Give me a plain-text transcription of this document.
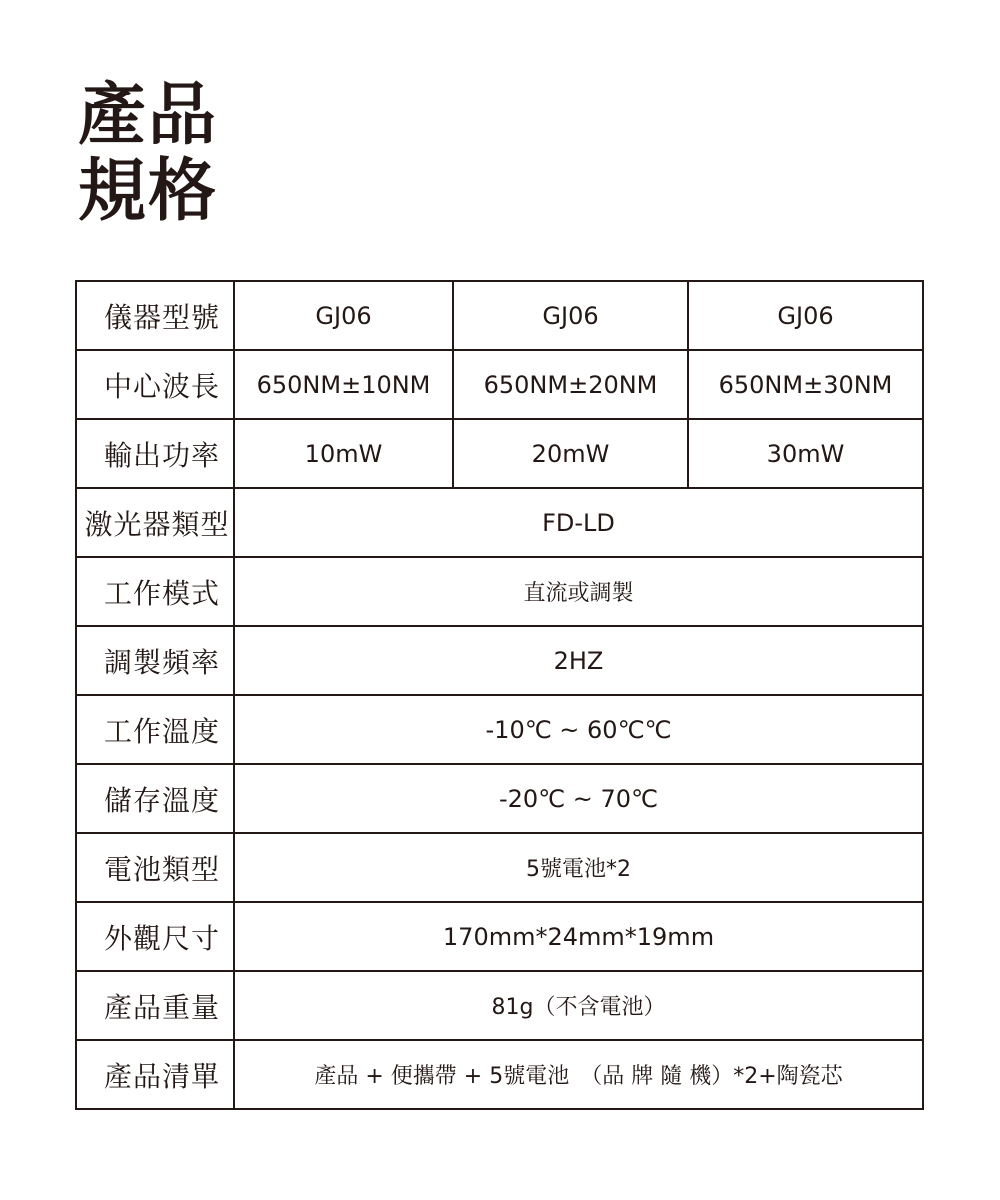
產品
規格
儀器型號	GJ06	GJ06	GJ06
中心波長	650NM±10NM	650NM±20NM	650NM±30NM
輸出功率	10mW	20mW	30mW
激光器類型	FD-LD		
工作模式	直流或調製		
調製頻率	2HZ		
工作溫度	-10℃ ~ 60℃℃		
儲存溫度	-20℃ ~ 70℃		
電池類型	5號電池*2		
外觀尺寸	170mm*24mm*19mm		
產品重量	81g（不含電池）		
產品清單	產品 + 便攜帶 + 5號電池　（品 牌 隨 機）*2+陶瓷芯		
